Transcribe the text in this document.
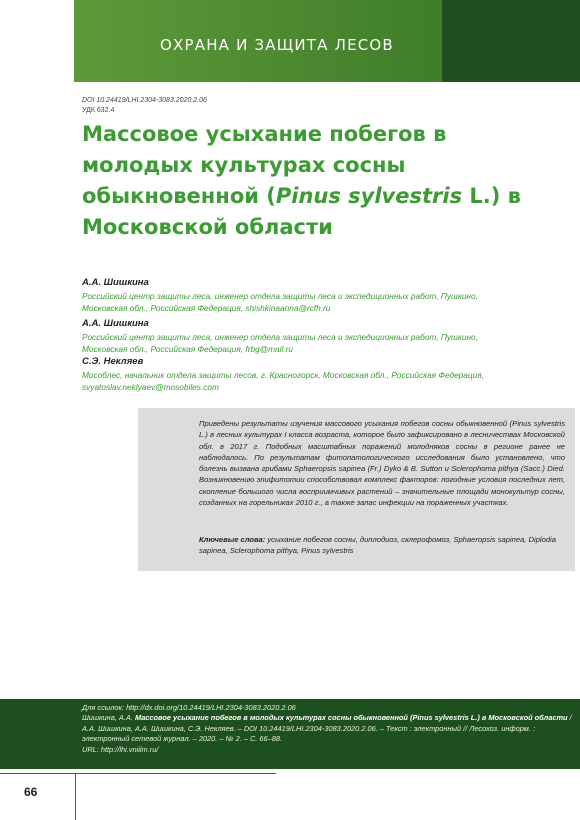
ОХРАНА И ЗАЩИТА ЛЕСОВ
DOI 10.24419/LHI.2304-3083.2020.2.06
УДК 632.4
Массовое усыхание побегов в молодых культурах сосны обыкновенной (Pinus sylvestris L.) в Московской области
А.А. Шишкина
Российский центр защиты леса, инженер отдела защиты леса и экспедиционных работ, Пушкино, Московская обл., Российская Федерация, shishkinaanna@rcfh.ru
А.А. Шишкина
Российский центр защиты леса, инженер отдела защиты леса и экспедиционных работ, Пушкино, Московская обл., Российская Федерация, frbg@mail.ru
С.Э. Некляев
Мособлес, начальник отдела защиты лесов, г. Красногорск, Московская обл., Российская Федерация, svyatoslav.neklyaev@mosobiles.com

Приведены результаты изучения массового усыхания побегов сосны обыкновенной (Pinus sylvestris L.) в лесных культурах I класса возраста, которое было зафиксировано в лесничествах Московской обл. в 2017 г. Подобных масштабных поражений молодняков сосны в регионе ранее не наблюдалось. По результатам фитопатологического исследования было установлено, что болезнь вызвана грибами Sphaeropsis sapinea (Fr.) Dyko & B. Sutton и Sclerophoma pithya (Sacc.) Died. Возникновению эпифитотии способствовал комплекс факторов: погодные условия последних лет, скопление большого числа восприимчивых растений – значительные площади монокультур сосны, созданных на горельниках 2010 г., а также запас инфекции на пораженных участках.

Ключевые слова: усыхание побегов сосны, диплодиоз, склерофомоз, Sphaeropsis sapinea, Diplodia sapinea, Sclerophoma pithya, Pinus sylvestris

Для ссылок: http://dx.doi.org/10.24419/LHI.2304-3083.2020.2.06
Шишкина, А.А. Массовое усыхание побегов в молодых культурах сосны обыкновенной (Pinus sylvestris L.) в Московской области / А.А. Шишкина, А.А. Шишкина, С.Э. Некляев. – DOI 10.24419/LHI.2304-3083.2020.2.06. – Текст : электронный // Лесохоз. информ. : электронный сетевой журнал. – 2020. – № 2. – С. 66–88.
URL: http://lhi.vniilm.ru/
66
